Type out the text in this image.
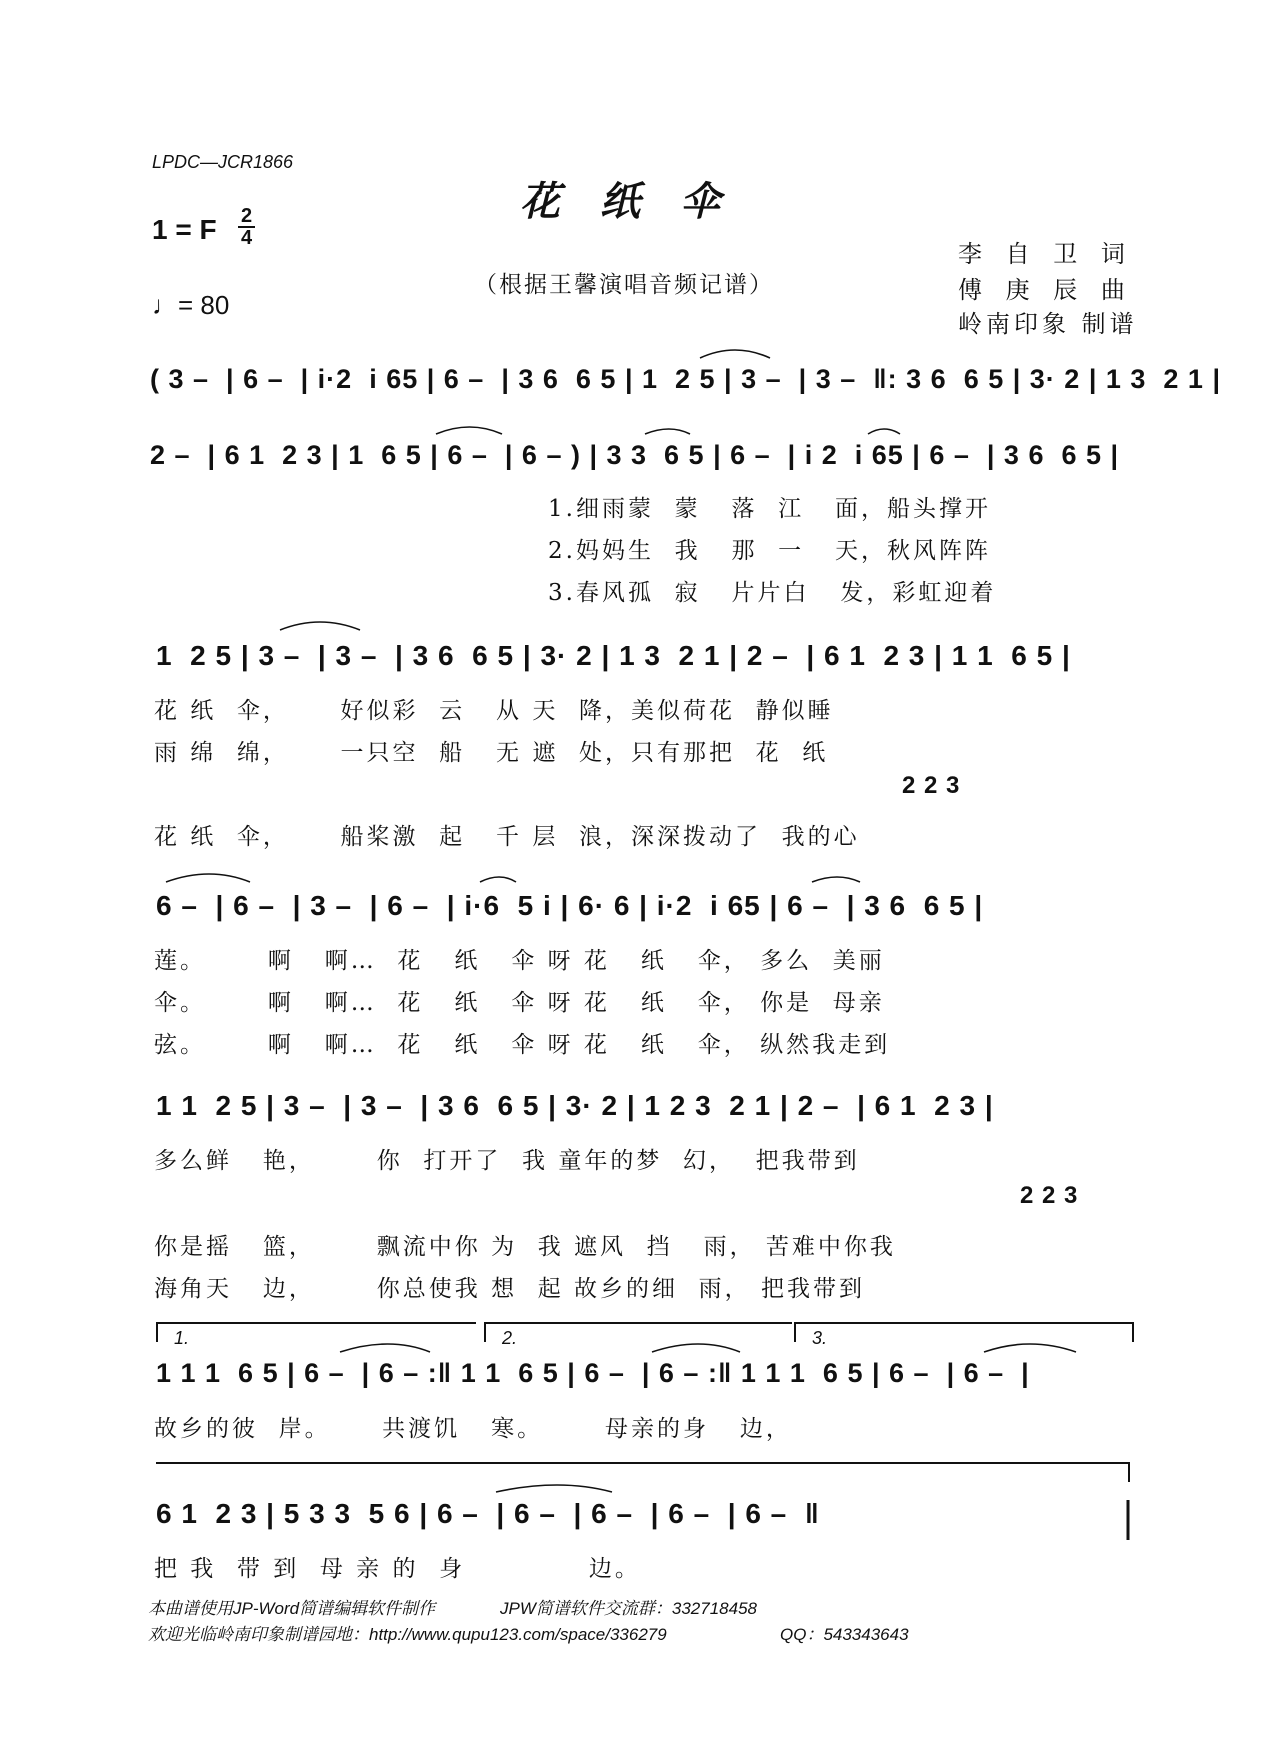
LPDC—JCR1866
花纸伞
1 = F 2
4
（根据王馨演唱音频记谱）
♩= 80
李 自 卫 词
傅 庚 辰 曲
岭南印象 制谱
( 3 –  | 6 –  | i·2  i 65 | 6 –  | 3 6  6 5 | 1  2 5 | 3 –  | 3 –  ‖: 3 6  6 5 | 3· 2 | 1 3  2 1 |
2 –  | 6 1  2 3 | 1  6 5 | 6 –  | 6 – ) | 3 3  6 5 | 6 –  | i 2  i 65 | 6 –  | 3 6  6 5 |
1.细雨蒙  蒙   落  江   面，船头撑开
2.妈妈生  我   那  一   天，秋风阵阵
3.春风孤  寂   片片白   发，彩虹迎着
1  2 5 | 3 –  | 3 –  | 3 6  6 5 | 3· 2 | 1 3  2 1 | 2 –  | 6 1  2 3 | 1 1  6 5 |
花 纸  伞，     好似彩  云   从 天  降，美似荷花  静似睡
雨 绵  绵，     一只空  船   无 遮  处，只有那把  花  纸
2 2 3
花 纸  伞，     船桨激  起   千 层  浪，深深拨动了  我的心
6 –  | 6 –  | 3 –  | 6 –  | i·6  5 i | 6· 6 | i·2  i 65 | 6 –  | 3 6  6 5 |
莲。      啊   啊…  花   纸   伞 呀 花   纸   伞， 多么  美丽
伞。      啊   啊…  花   纸   伞 呀 花   纸   伞， 你是  母亲
弦。      啊   啊…  花   纸   伞 呀 花   纸   伞， 纵然我走到
1 1  2 5 | 3 –  | 3 –  | 3 6  6 5 | 3· 2 | 1 2 3  2 1 | 2 –  | 6 1  2 3 |
多么鲜   艳，      你  打开了  我 童年的梦  幻，  把我带到
2 2 3
你是摇   篮，      飘流中你 为  我 遮风  挡   雨， 苦难中你我
海角天   边，      你总使我 想  起 故乡的细  雨， 把我带到
1.	2.	3.
1 1 1  6 5 | 6 –  | 6 – :‖ 1 1  6 5 | 6 –  | 6 – :‖ 1 1 1  6 5 | 6 –  | 6 –  |
故乡的彼  岸。     共渡饥   寒。      母亲的身   边，
6 1  2 3 | 5 3 3  5 6 | 6 –  | 6 –  | 6 –  | 6 –  | 6 –  ‖
把 我  带 到  母 亲 的  身            边。
本曲谱使用JP-Word简谱编辑软件制作	JPW简谱软件交流群：332718458
欢迎光临岭南印象制谱园地：http://www.qupu123.com/space/336279	QQ：543343643
